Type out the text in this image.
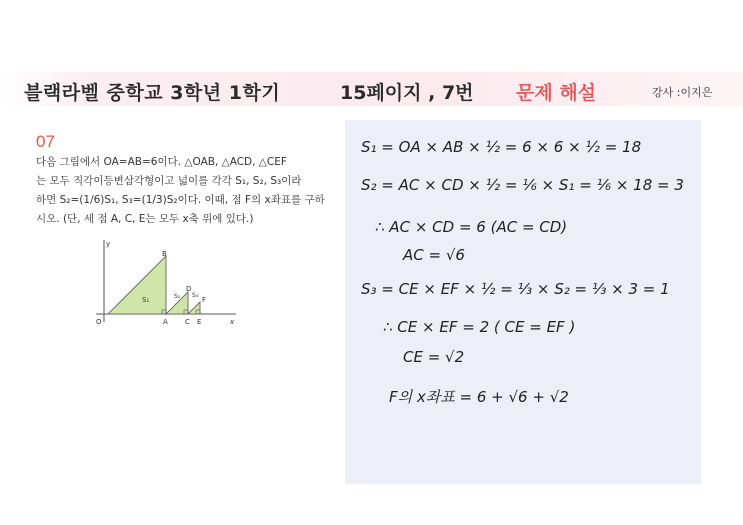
블랙라벨 중학교 3학년 1학기	15페이지 , 7번 문제 해설	강사 :이지은
07
다음 그림에서 OA=AB=6이다. △OAB, △ACD, △CEF
는 모두 직각이등변삼각형이고 넓이를 각각 S₁, S₂, S₃이라
하면 S₂=(1/6)S₁, S₃=(1/3)S₂이다. 이때, 점 F의 x좌표를 구하
시오. (단, 세 점 A, C, E는 모두 x축 위에 있다.)
y
x
O	A
B
C
D
E
F
S₁	S₂ S₃
S₁ = OA × AB × ½ = 6 × 6 × ½ = 18
S₂ = AC × CD × ½ = ⅙ × S₁ = ⅙ × 18 = 3
∴ AC × CD = 6 (AC = CD)
AC = √6
S₃ = CE × EF × ½ = ⅓ × S₂ = ⅓ × 3 = 1
∴ CE × EF = 2 ( CE = EF )
CE = √2
F의 x좌표 = 6 + √6 + √2
